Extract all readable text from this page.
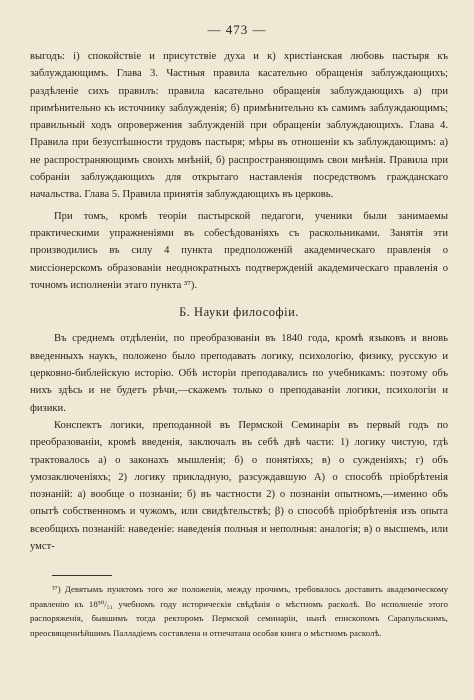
— 473 —

выгодъ: і) спокойствіе и присутствіе духа и к) христіанская любовь пастыря къ заблуждающимъ. Глава 3. Частныя правила касательно обращенія заблуждающихъ; раздѣленіе сихъ правилъ: правила касательно обращенія заблуждающихъ а) при примѣнительно къ источнику заблужденія; б) примѣнительно къ самимъ заблуждающимъ; правильный ходъ опровержения заблужденій при обращеніи заблуждающихъ. Глава 4. Правила при безуспѣшности трудовъ пастыря; мѣры въ отношеніи къ заблуждающимъ: а) не распространяющимъ своихъ мнѣній, б) распространяющимъ свои мнѣнія. Правила при собраніи заблуждающихъ для открытаго наставленія посредствомъ гражданскаго начальства. Глава 5. Правила принятія заблуждающихъ въ церковь.

При томъ, кромѣ теоріи пастырской педагоги, ученики были занимаемы практическими упражненіями въ собесѣдованіяхъ съ раскольниками. Занятія эти производились въ силу 4 пункта предположеній академическаго правленія о миссіонерскомъ образованіи неоднократныхъ подтвержденій академическаго правленія о точномъ исполненіи этаго пункта ³⁷).

Б. Науки философіи.

Въ среднемъ отдѣленіи, по преобразованіи въ 1840 года, кромѣ языковъ и вновь введенныхъ наукъ, положено было преподавать логику, психологію, физику, русскую и церковно-библейскую исторію. Обѣ исторіи преподавались по учебникамъ: поэтому объ нихъ здѣсь и не будетъ рѣчи,—скажемъ только о преподаваніи логики, психологіи и физики.

Конспектъ логики, преподанной въ Пермской Семинаріи въ первый годъ по преобразованіи, кромѣ введенія, заключалъ въ себѣ двѣ части: 1) логику чистую, гдѣ трактовалось а) о законахъ мышленія; б) о понятіяхъ; в) о сужденіяхъ; г) объ умозаключеніяхъ; 2) логику прикладную, разсуждавшую А) о способѣ пріобрѣтенія познаній: а) вообще о познаніи; б) въ частности 2) о познаніи опытномъ,—именно объ опытѣ собственномъ и чужомъ, или свидѣтельствѣ; β) о способѣ пріобрѣтенія изъ опыта всеобщихъ познаній: наведеніе: наведенія полныя и неполныя: аналогія; в) о высшемъ, или умст-

³⁷) Девятымъ пунктомъ того же положенія, между прочимъ, требовалось доставить академическому правленію къ 18⁵⁰/₅₁ учебномъ году историческія свѣдѣнія о мѣстномъ расколѣ. Во исполненіе этого распоряженія, бывшимъ тогда ректоромъ Пермской семинаріи, нынѣ епископомъ Сарапульскимъ, преосвященнѣйшимъ Палладіемъ составлена и отпечатана особая книга о мѣстномъ расколѣ.
